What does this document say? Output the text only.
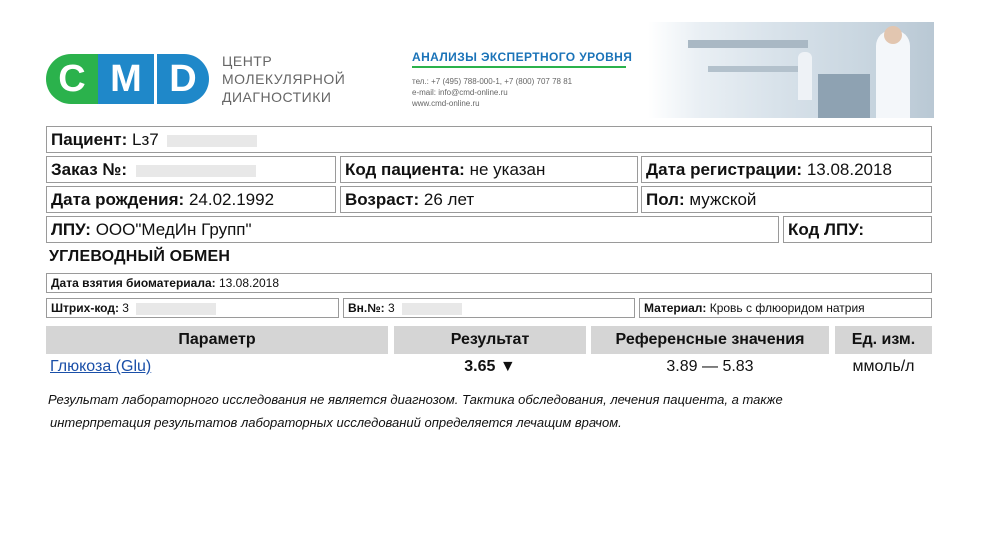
C M D	ЦЕНТР
МОЛЕКУЛЯРНОЙ
ДИАГНОСТИКИ
АНАЛИЗЫ ЭКСПЕРТНОГО УРОВНЯ
тел.: +7 (495) 788-000-1, +7 (800) 707 78 81
e-mail: info@cmd-online.ru
www.cmd-online.ru
Пациент: Lз7
Заказ №:	Код пациента: не указан	Дата регистрации: 13.08.2018
Дата рождения: 24.02.1992	Возраст: 26 лет	Пол: мужской
ЛПУ: ООО"МедИн Групп"	Код ЛПУ:
УГЛЕВОДНЫЙ ОБМЕН
Дата взятия биоматериала: 13.08.2018
Штрих-код: 3	Вн.№: 3	Материал: Кровь с флюоридом натрия
Параметр	Результат	Референсные значения	Ед. изм.
Глюкоза (Glu)	3.65 ▼	3.89 — 5.83	ммоль/л
Результат лабораторного исследования не является диагнозом. Тактика обследования, лечения пациента, а также
интерпретация результатов лабораторных исследований определяется лечащим врачом.
